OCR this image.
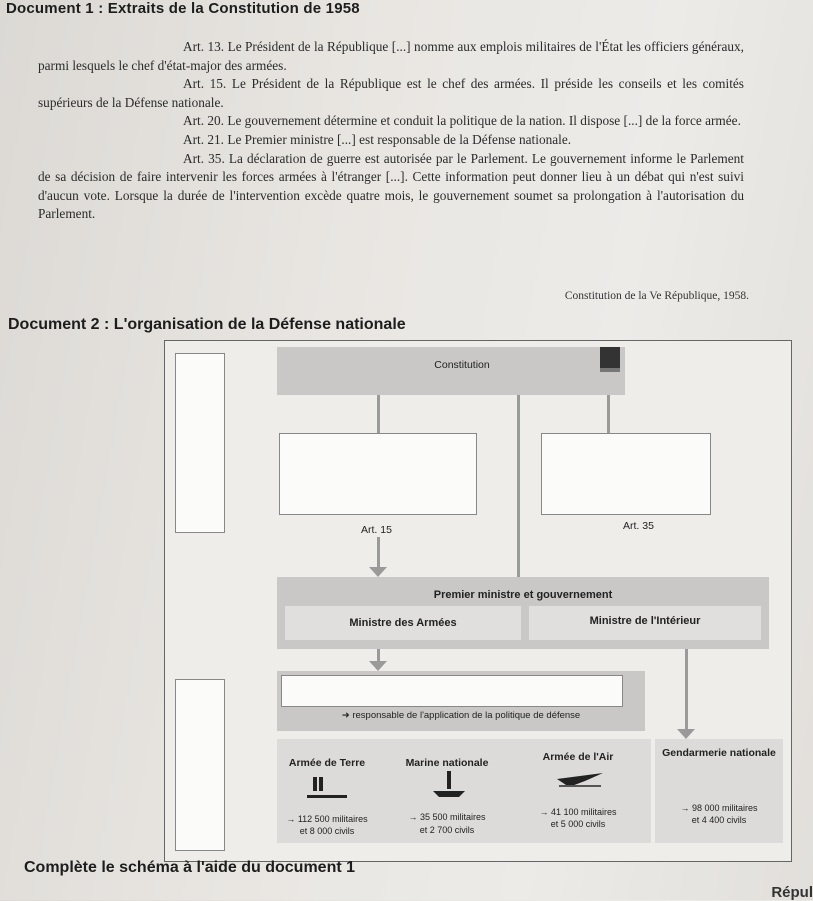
Document 1 : Extraits de la Constitution de 1958

Art. 13. Le Président de la République [...] nomme aux emplois militaires de l'État les officiers généraux, parmi lesquels le chef d'état-major des armées.

Art. 15. Le Président de la République est le chef des armées. Il préside les conseils et les comités supérieurs de la Défense nationale.

Art. 20. Le gouvernement détermine et conduit la politique de la nation. Il dispose [...] de la force armée.

Art. 21. Le Premier ministre [...] est responsable de la Défense nationale.

Art. 35. La déclaration de guerre est autorisée par le Parlement. Le gouvernement informe le Parlement de sa décision de faire intervenir les forces armées à l'étranger [...]. Cette information peut donner lieu à un débat qui n'est suivi d'aucun vote. Lorsque la durée de l'intervention excède quatre mois, le gouvernement soumet sa prolongation à l'autorisation du Parlement.

Constitution de la Ve République, 1958.
Document 2 : L'organisation de la Défense nationale
Constitution
Art. 15	Art. 35
Premier ministre et gouvernement
Ministre des Armées	Ministre de l'Intérieur
➜ responsable de l'application de la politique de défense
Armée de Terre
→ 112 500 militaires
et 8 000 civils
Marine nationale
→ 35 500 militaires
et 2 700 civils
Armée de l'Air
→ 41 100 militaires
et 5 000 civils
Gendarmerie nationale
→ 98 000 militaires
et 4 400 civils
Complète le schéma à l'aide du document 1
Répul
